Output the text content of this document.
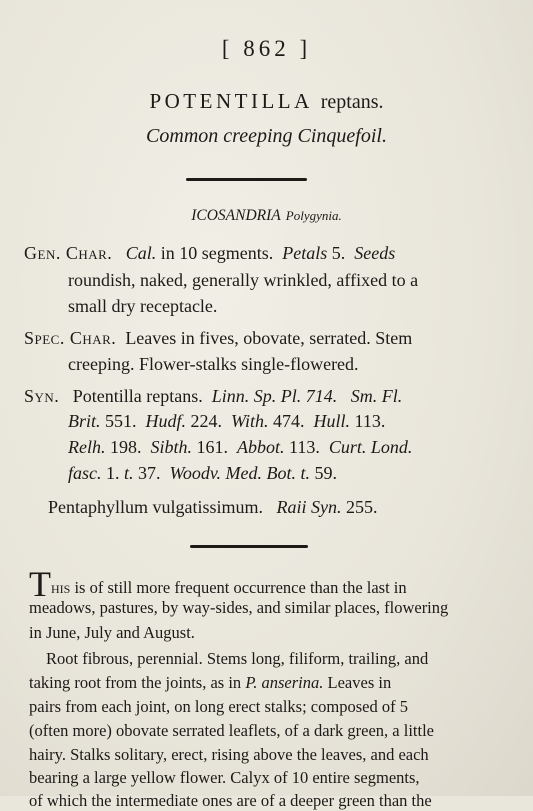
[ 862 ]
POTENTILLA reptans.
Common creeping Cinquefoil.
ICOSANDRIA Polygynia.
Gen. Char. Cal. in 10 segments. Petals 5. Seeds
roundish, naked, generally wrinkled, affixed to a
small dry receptacle.
Spec. Char. Leaves in fives, obovate, serrated. Stem
creeping. Flower-stalks single-flowered.
Syn. Potentilla reptans. Linn. Sp. Pl. 714. Sm. Fl.
Brit. 551. Hudf. 224. With. 474. Hull. 113.
Relh. 198. Sibth. 161. Abbot. 113. Curt. Lond.
fasc. 1. t. 37. Woodv. Med. Bot. t. 59.
Pentaphyllum vulgatissimum. Raii Syn. 255.
This is of still more frequent occurrence than the last in
meadows, pastures, by way-sides, and similar places, flowering
in June, July and August.
Root fibrous, perennial. Stems long, filiform, trailing, and
taking root from the joints, as in P. anserina. Leaves in
pairs from each joint, on long erect stalks; composed of 5
(often more) obovate serrated leaflets, of a dark green, a little
hairy. Stalks solitary, erect, rising above the leaves, and each
bearing a large yellow flower. Calyx of 10 entire segments,
of which the intermediate ones are of a deeper green than the
